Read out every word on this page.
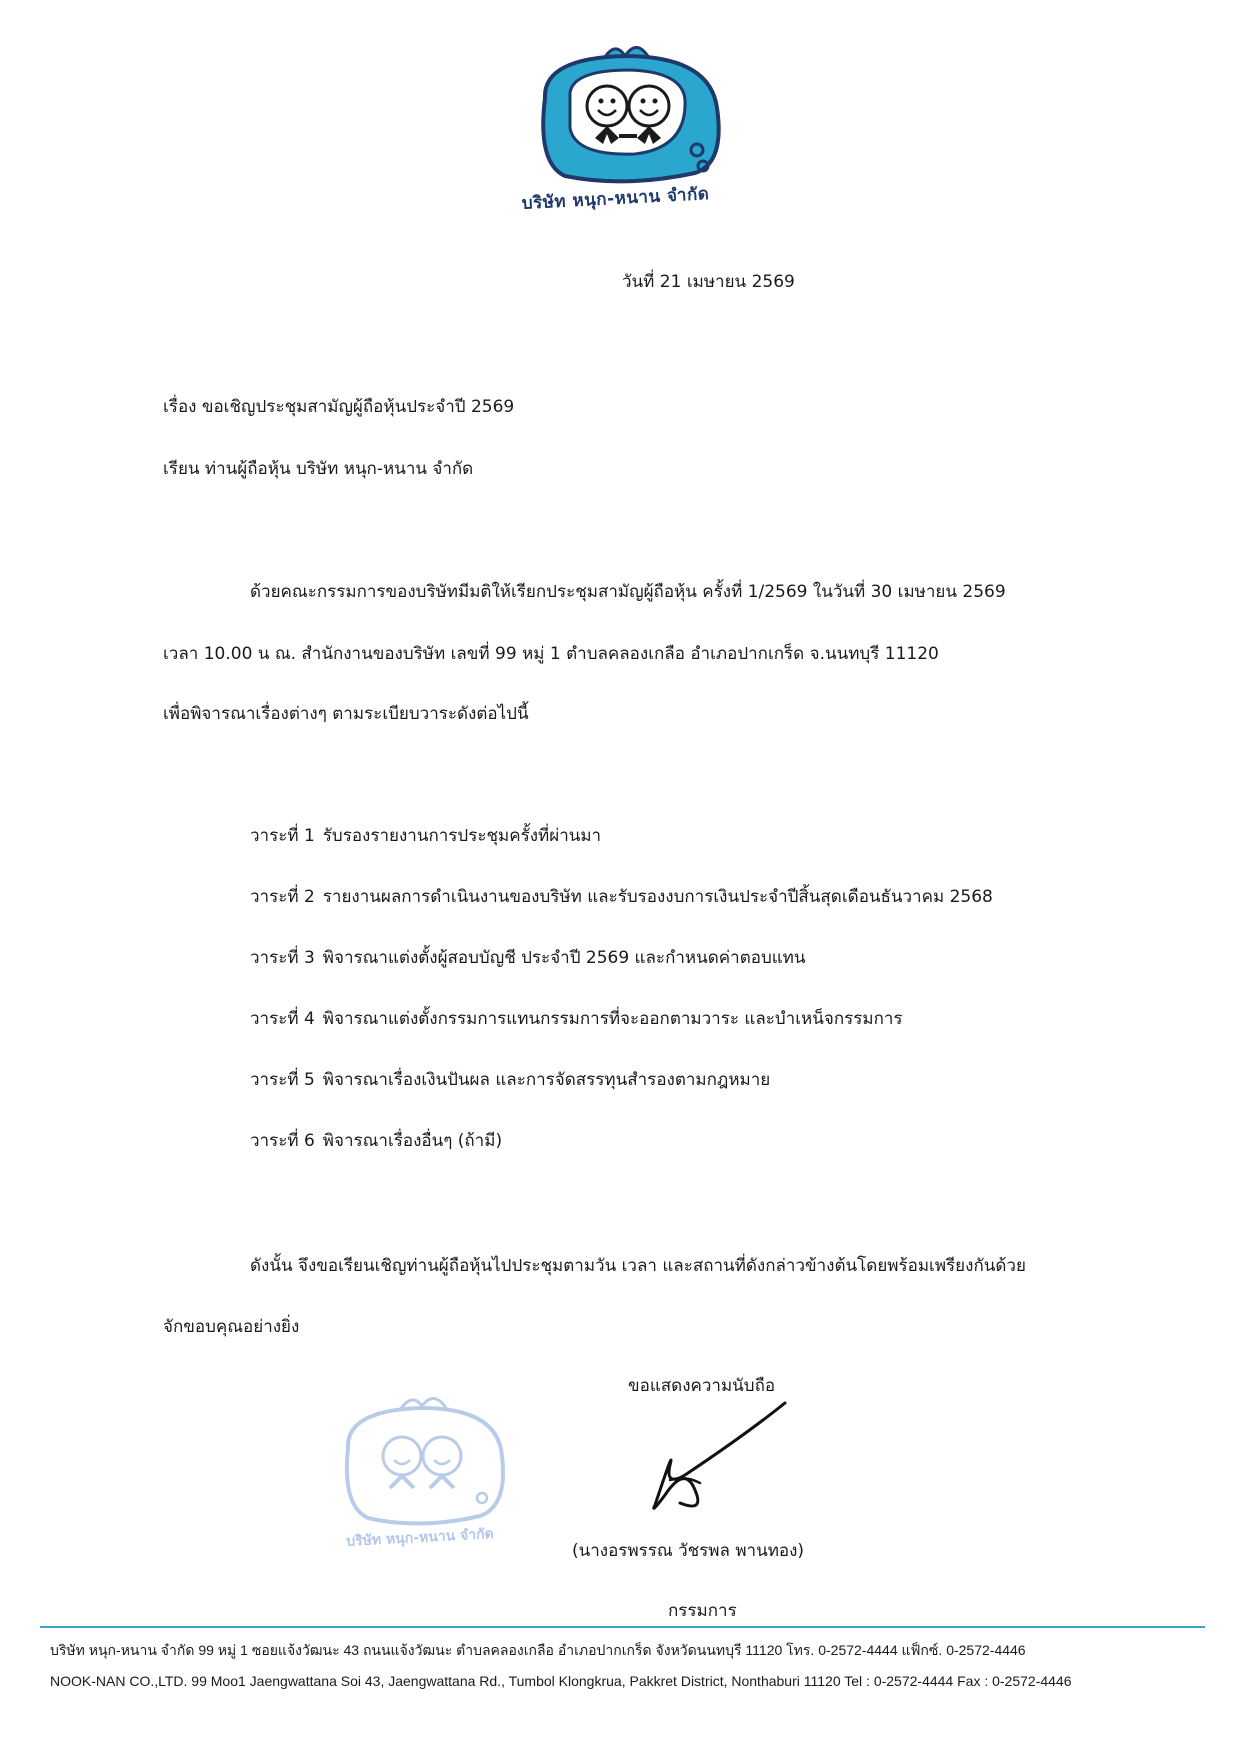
บริษัท หนุก-หนาน จำกัด
วันที่ 21 เมษายน 2569
เรื่อง ขอเชิญประชุมสามัญผู้ถือหุ้นประจำปี 2569
เรียน ท่านผู้ถือหุ้น บริษัท หนุก-หนาน จำกัด
ด้วยคณะกรรมการของบริษัทมีมติให้เรียกประชุมสามัญผู้ถือหุ้น ครั้งที่ 1/2569 ในวันที่ 30 เมษายน 2569
เวลา 10.00 น ณ. สำนักงานของบริษัท เลขที่ 99 หมู่ 1 ตำบลคลองเกลือ อำเภอปากเกร็ด จ.นนทบุรี 11120
เพื่อพิจารณาเรื่องต่างๆ ตามระเบียบวาระดังต่อไปนี้
วาระที่ 1 รับรองรายงานการประชุมครั้งที่ผ่านมา
วาระที่ 2 รายงานผลการดำเนินงานของบริษัท และรับรองงบการเงินประจำปีสิ้นสุดเดือนธันวาคม 2568
วาระที่ 3 พิจารณาแต่งตั้งผู้สอบบัญชี ประจำปี 2569 และกำหนดค่าตอบแทน
วาระที่ 4 พิจารณาแต่งตั้งกรรมการแทนกรรมการที่จะออกตามวาระ และบำเหน็จกรรมการ
วาระที่ 5 พิจารณาเรื่องเงินปันผล และการจัดสรรทุนสำรองตามกฎหมาย
วาระที่ 6 พิจารณาเรื่องอื่นๆ (ถ้ามี)
ดังนั้น จึงขอเรียนเชิญท่านผู้ถือหุ้นไปประชุมตามวัน เวลา และสถานที่ดังกล่าวข้างต้นโดยพร้อมเพรียงกันด้วย
จักขอบคุณอย่างยิ่ง
ขอแสดงความนับถือ
บริษัท หนุก-หนาน จำกัด
(นางอรพรรณ วัชรพล พานทอง)
กรรมการ
บริษัท หนุก-หนาน จำกัด 99 หมู่ 1 ซอยแจ้งวัฒนะ 43 ถนนแจ้งวัฒนะ ตำบลคลองเกลือ อำเภอปากเกร็ด จังหวัดนนทบุรี 11120 โทร. 0-2572-4444 แฟ็กซ์. 0-2572-4446
NOOK-NAN CO.,LTD. 99 Moo1 Jaengwattana Soi 43, Jaengwattana Rd., Tumbol Klongkrua, Pakkret District, Nonthaburi 11120 Tel : 0-2572-4444 Fax : 0-2572-4446
